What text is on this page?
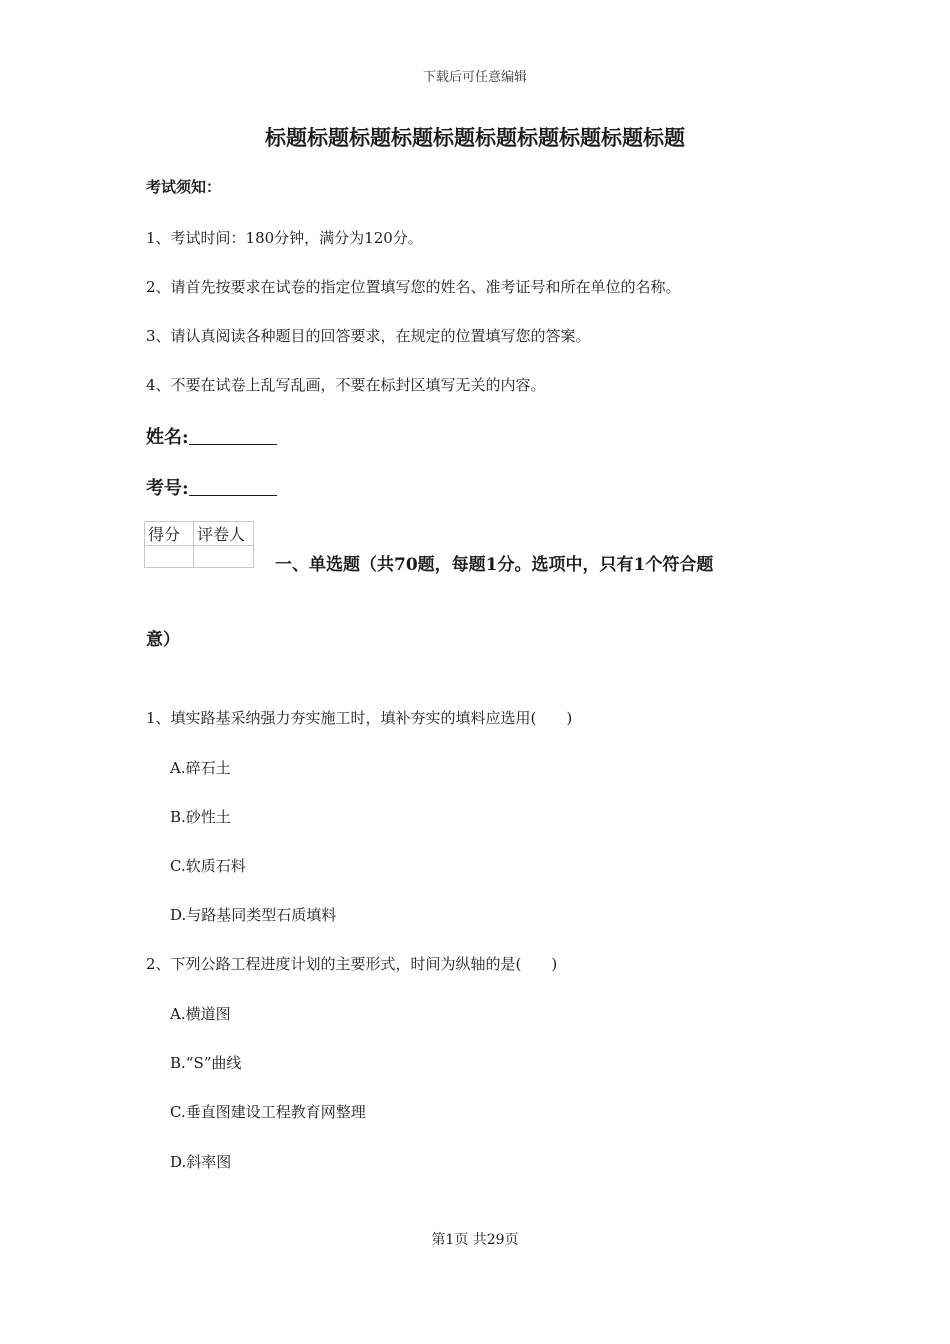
下载后可任意编辑
标题标题标题标题标题标题标题标题标题标题
考试须知：
1、考试时间：180分钟，满分为120分。
2、请首先按要求在试卷的指定位置填写您的姓名、准考证号和所在单位的名称。
3、请认真阅读各种题目的回答要求，在规定的位置填写您的答案。
4、不要在试卷上乱写乱画，不要在标封区填写无关的内容。
姓名:
考号:
得分	评卷人

一、单选题（共70题，每题1分。选项中，只有1个符合题
意）
1、填实路基采纳强力夯实施工时，填补夯实的填料应选用(　　)
A.碎石土
B.砂性土
C.软质石料
D.与路基同类型石质填料
2、下列公路工程进度计划的主要形式，时间为纵轴的是(　　)
A.横道图
B.“S”曲线
C.垂直图建设工程教育网整理
D.斜率图
第1页 共29页
